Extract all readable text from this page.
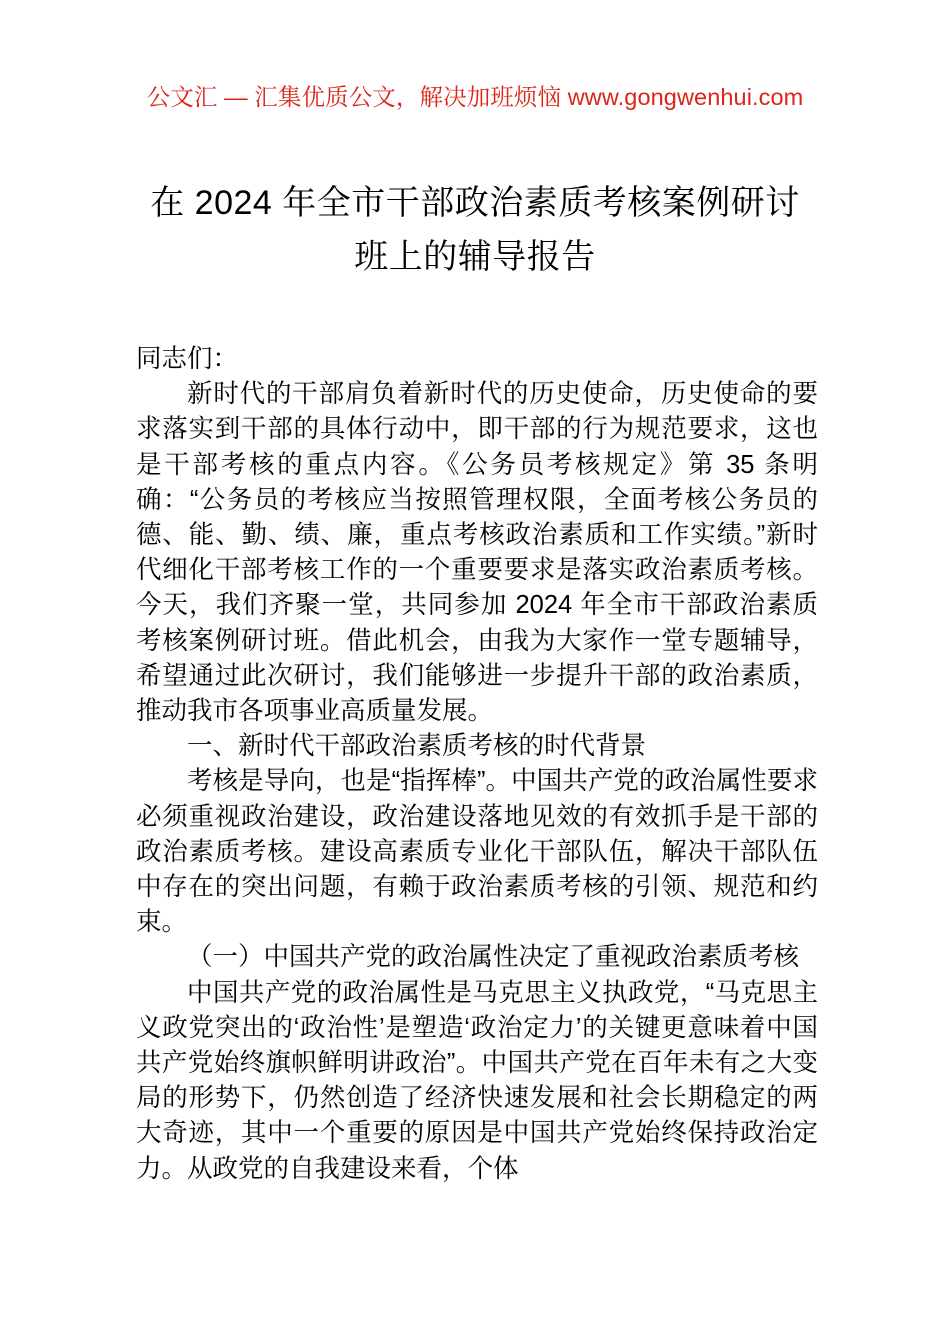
公文汇 — 汇集优质公文，解决加班烦恼 www.gongwenhui.com
在 2024 年全市干部政治素质考核案例研讨班上的辅导报告

同志们：

新时代的干部肩负着新时代的历史使命，历史使命的要求落实到干部的具体行动中，即干部的行为规范要求，这也是干部考核的重点内容。《公务员考核规定》第 35 条明确：“公务员的考核应当按照管理权限，全面考核公务员的德、能、勤、绩、廉，重点考核政治素质和工作实绩。”新时代细化干部考核工作的一个重要要求是落实政治素质考核。今天，我们齐聚一堂，共同参加 2024 年全市干部政治素质考核案例研讨班。借此机会，由我为大家作一堂专题辅导，希望通过此次研讨，我们能够进一步提升干部的政治素质，推动我市各项事业高质量发展。

一、新时代干部政治素质考核的时代背景

考核是导向，也是“指挥棒”。中国共产党的政治属性要求必须重视政治建设，政治建设落地见效的有效抓手是干部的政治素质考核。建设高素质专业化干部队伍，解决干部队伍中存在的突出问题，有赖于政治素质考核的引领、规范和约束。

（一）中国共产党的政治属性决定了重视政治素质考核

中国共产党的政治属性是马克思主义执政党，“马克思主义政党突出的‘政治性’是塑造‘政治定力’的关键更意味着中国共产党始终旗帜鲜明讲政治”。中国共产党在百年未有之大变局的形势下，仍然创造了经济快速发展和社会长期稳定的两大奇迹，其中一个重要的原因是中国共产党始终保持政治定力。从政党的自我建设来看，个体
